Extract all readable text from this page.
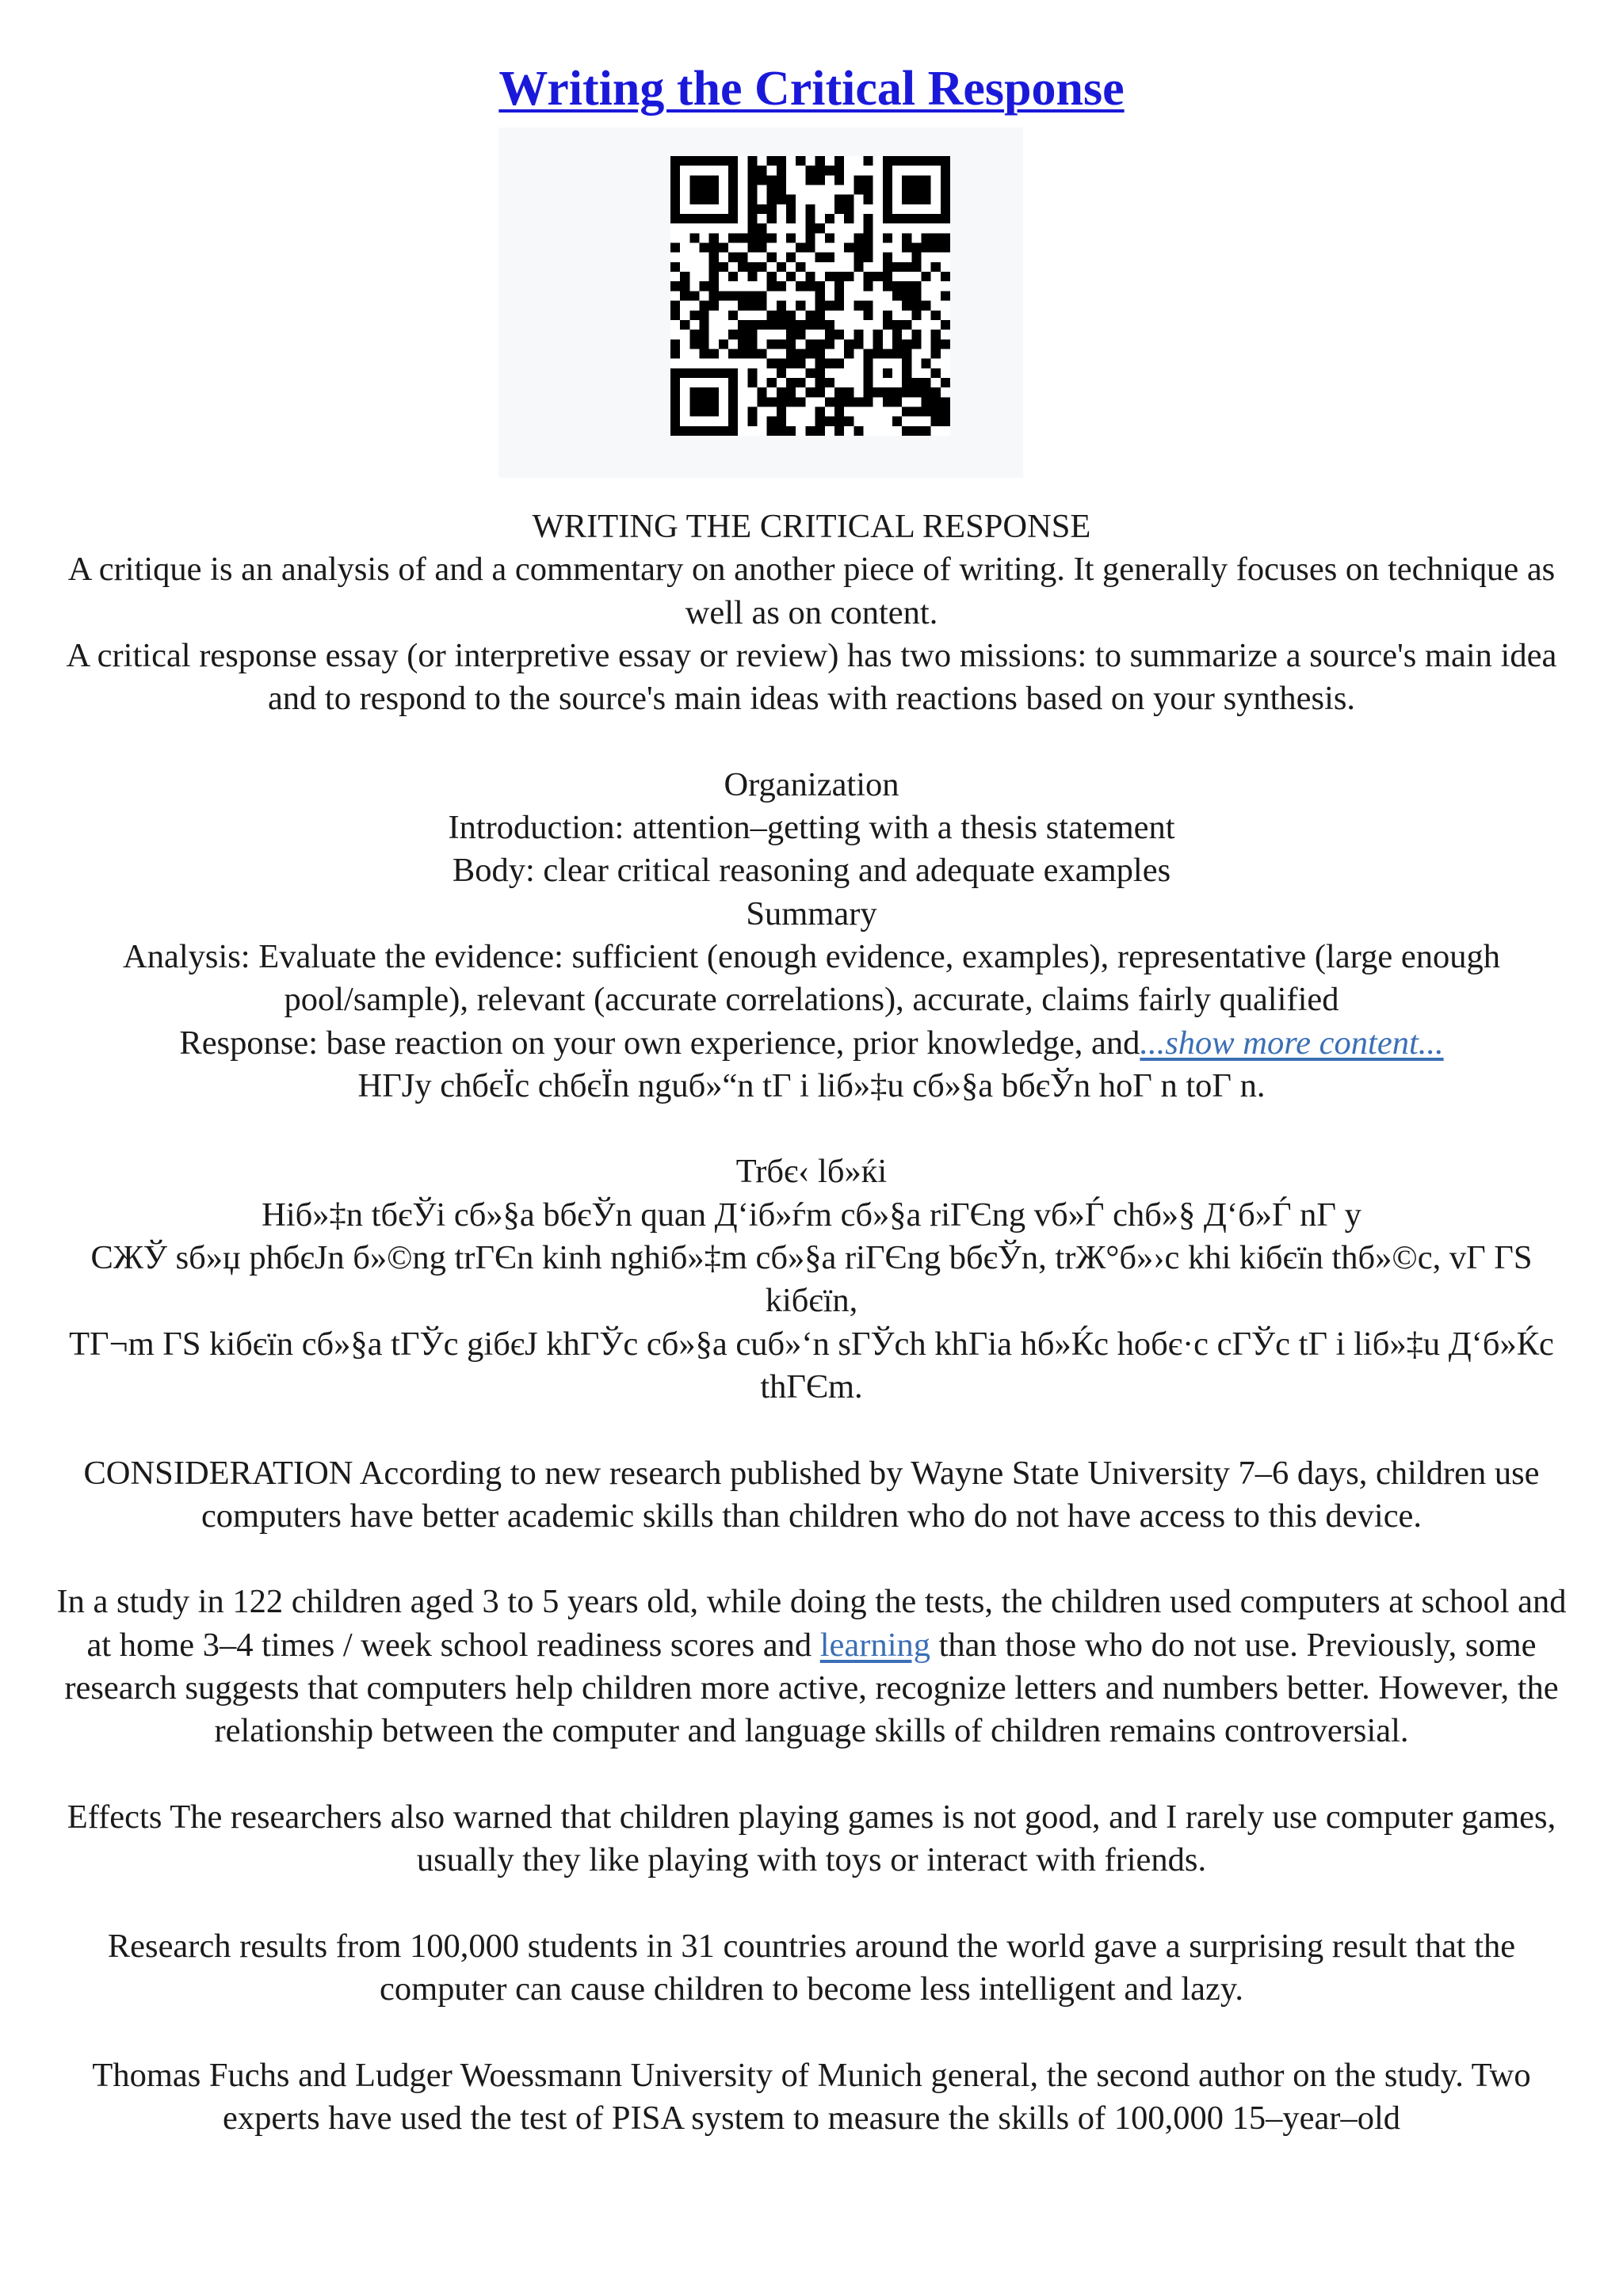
Writing the Critical Response

WRITING THE CRITICAL RESPONSE

A critique is an analysis of and a commentary on another piece of writing. It generally focuses on technique as well as on content.

A critical response essay (or interpretive essay or review) has two missions: to summarize a source's main idea and to respond to the source's main ideas with reactions based on your synthesis.

Organization

Introduction: attention–getting with a thesis statement

Body: clear critical reasoning and adequate examples

Summary

Analysis: Evaluate the evidence: sufficient (enough evidence, examples), representative (large enough pool/sample), relevant (accurate correlations), accurate, claims fairly qualified

Response: base reaction on your own experience, prior knowledge, and...show more content...

HГЈy chбєЇc chбєЇn nguб»“n tГ i liб»‡u cб»§a bбєЎn hoГ n toГ n.

Trбє‹ lб»ќi

Hiб»‡n tбєЎi cб»§a bбєЎn quan Д‘iб»ѓm cб»§a riГЄng vб»Ѓ chб»§ Д‘б»Ѓ nГ y

СЖЎ sб»џ phбєЈn б»©ng trГЄn kinh nghiб»‡m cб»§a riГЄng bбєЎn, trЖ°б»›c khi kiбєїn thб»©c, vГ ГЅ kiбєїn,

TГ¬m ГЅ kiбєїn cб»§a tГЎc giбєЈ khГЎc cб»§a cuб»‘n sГЎch khГіa hб»Ќc hoбє·c cГЎc tГ i liб»‡u Д‘б»Ќc thГЄm.

CONSIDERATION According to new research published by Wayne State University 7–6 days, children use computers have better academic skills than children who do not have access to this device.

In a study in 122 children aged 3 to 5 years old, while doing the tests, the children used computers at school and at home 3–4 times / week school readiness scores and learning than those who do not use. Previously, some research suggests that computers help children more active, recognize letters and numbers better. However, the relationship between the computer and language skills of children remains controversial.

Effects The researchers also warned that children playing games is not good, and I rarely use computer games, usually they like playing with toys or interact with friends.

Research results from 100,000 students in 31 countries around the world gave a surprising result that the computer can cause children to become less intelligent and lazy.

Thomas Fuchs and Ludger Woessmann University of Munich general, the second author on the study. Two experts have used the test of PISA system to measure the skills of 100,000 15–year–old
